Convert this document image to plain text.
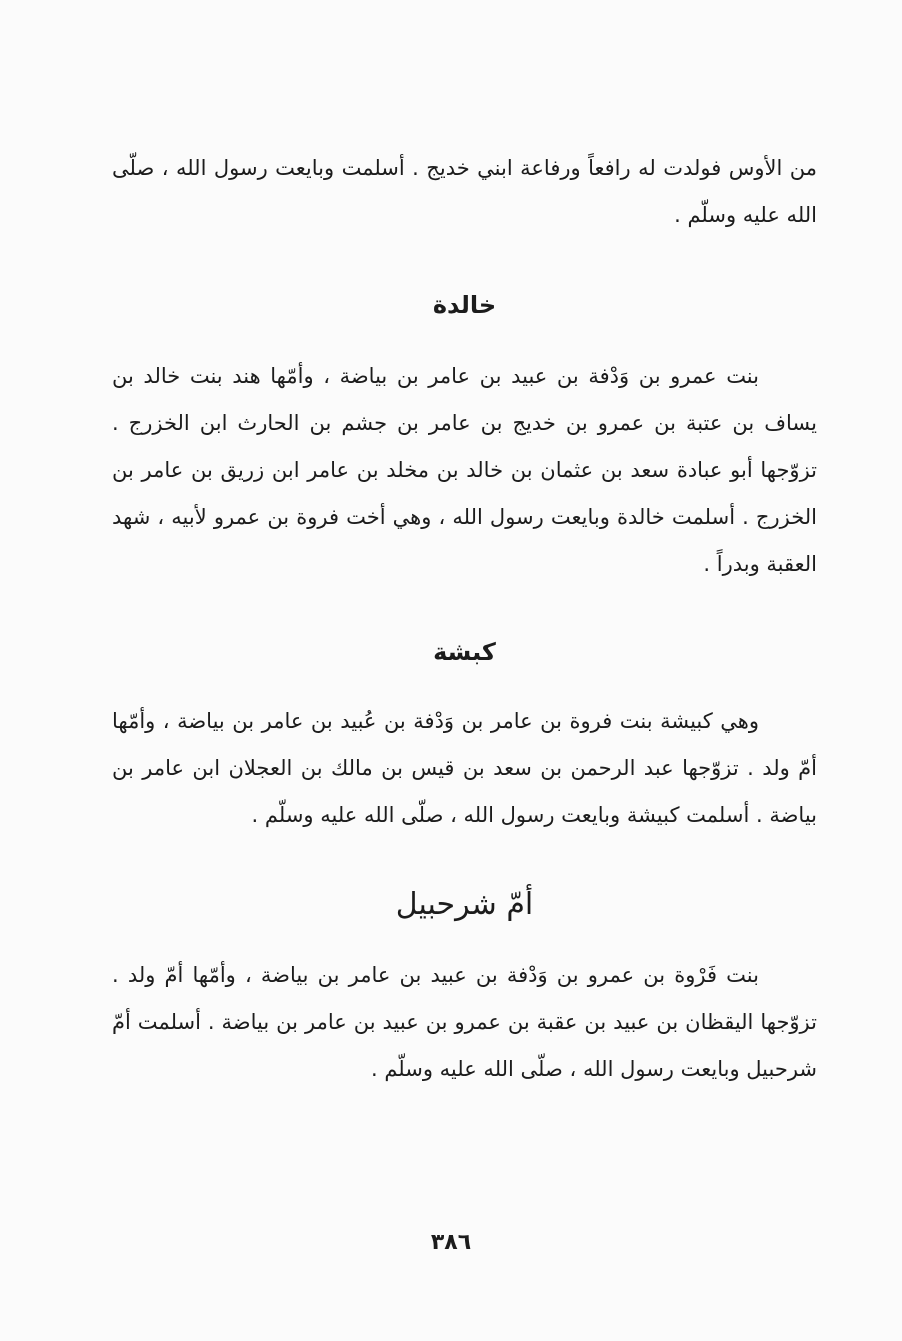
من الأوس فولدت له رافعاً ورفاعة ابني خديج . أسلمت وبايعت رسول الله ، صلّى الله عليه وسلّم .

خالدة

بنت عمرو بن وَدْفة بن عبيد بن عامر بن بياضة ، وأمّها هند بنت خالد بن يساف بن عتبة بن عمرو بن خديج بن عامر بن جشم بن الحارث ابن الخزرج . تزوّجها أبو عبادة سعد بن عثمان بن خالد بن مخلد بن عامر ابن زريق بن عامر بن الخزرج . أسلمت خالدة وبايعت رسول الله ، وهي أخت فروة بن عمرو لأبيه ، شهد العقبة وبدراً .

كبشة

وهي كبيشة بنت فروة بن عامر بن وَدْفة بن عُبيد بن عامر بن بياضة ، وأمّها أمّ ولد . تزوّجها عبد الرحمن بن سعد بن قيس بن مالك بن العجلان ابن عامر بن بياضة . أسلمت كبيشة وبايعت رسول الله ، صلّى الله عليه وسلّم .

أمّ شرحبيل

بنت فَرْوة بن عمرو بن وَدْفة بن عبيد بن عامر بن بياضة ، وأمّها أمّ ولد . تزوّجها اليقظان بن عبيد بن عقبة بن عمرو بن عبيد بن عامر بن بياضة . أسلمت أمّ شرحبيل وبايعت رسول الله ، صلّى الله عليه وسلّم .

٣٨٦
